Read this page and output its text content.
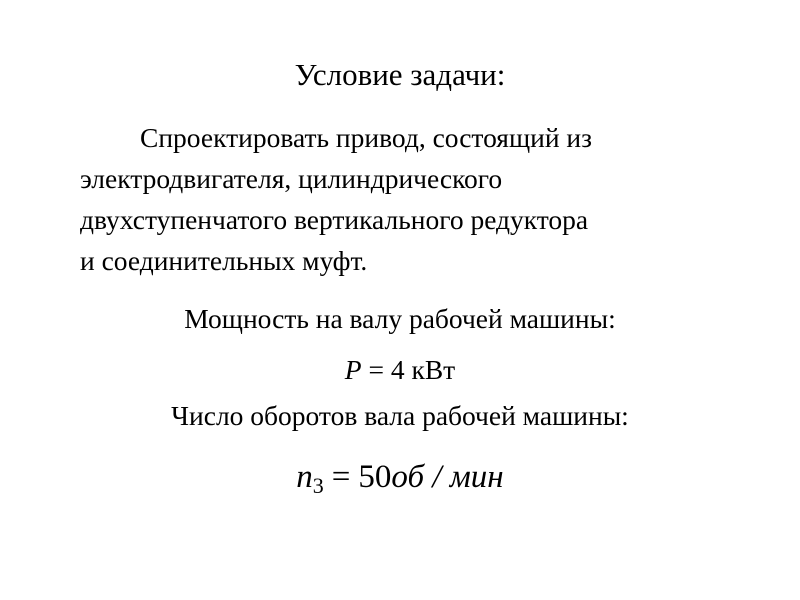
Условие задачи:

Спроектировать привод, состоящий из
электродвигателя, цилиндрического
двухступенчатого вертикального редуктора
и соединительных муфт.

Мощность на валу рабочей машины:

P = 4 кВт

Число оборотов вала рабочей машины:

$n_3 = 50об$ / мин
